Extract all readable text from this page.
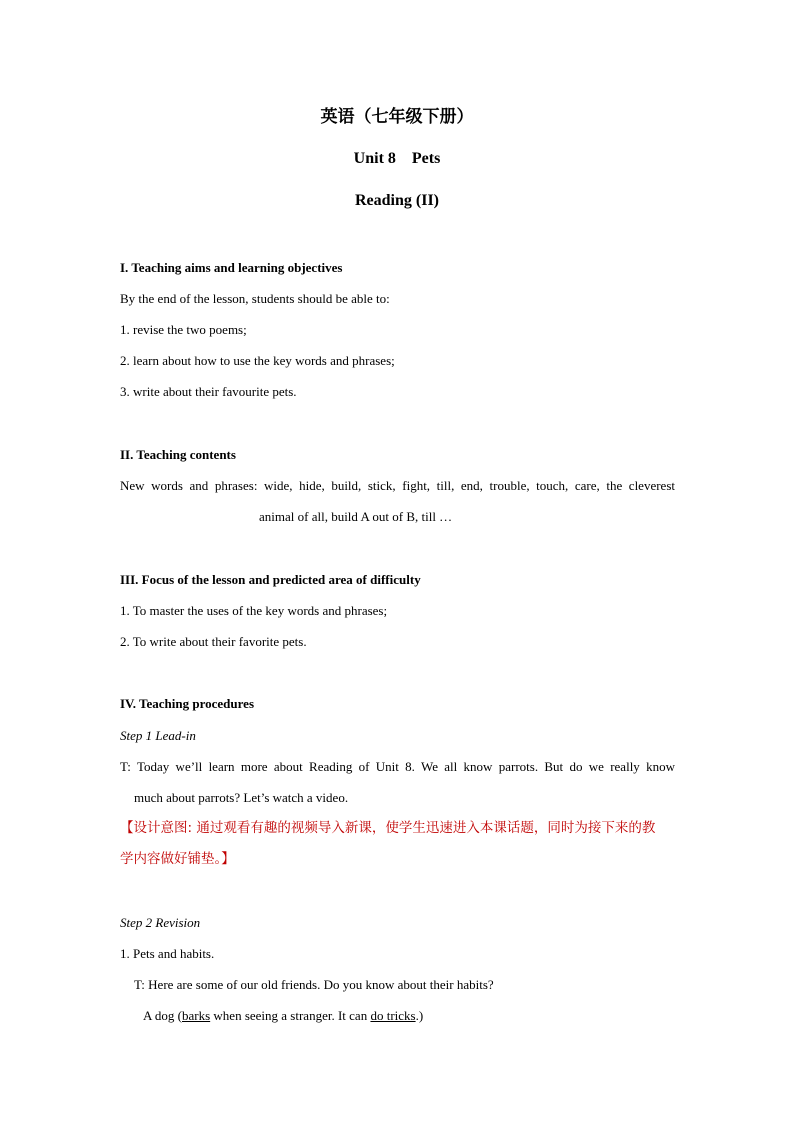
英语（七年级下册）
Unit 8    Pets
Reading (II)
I. Teaching aims and learning objectives
By the end of the lesson, students should be able to:
1. revise the two poems;
2. learn about how to use the key words and phrases;
3. write about their favourite pets.
II. Teaching contents
New words and phrases: wide, hide, build, stick, fight, till, end, trouble, touch, care, the cleverest
animal of all, build A out of B, till …
III. Focus of the lesson and predicted area of difficulty
1. To master the uses of the key words and phrases;
2. To write about their favorite pets.
IV. Teaching procedures
Step 1 Lead-in
T: Today we’ll learn more about Reading of Unit 8. We all know parrots. But do we really know
much about parrots? Let’s watch a video.
【设计意图: 通过观看有趣的视频导入新课，使学生迅速进入本课话题，同时为接下来的教
学内容做好铺垫。】
Step 2 Revision
1. Pets and habits.
T: Here are some of our old friends. Do you know about their habits?
A dog (barks when seeing a stranger. It can do tricks.)
